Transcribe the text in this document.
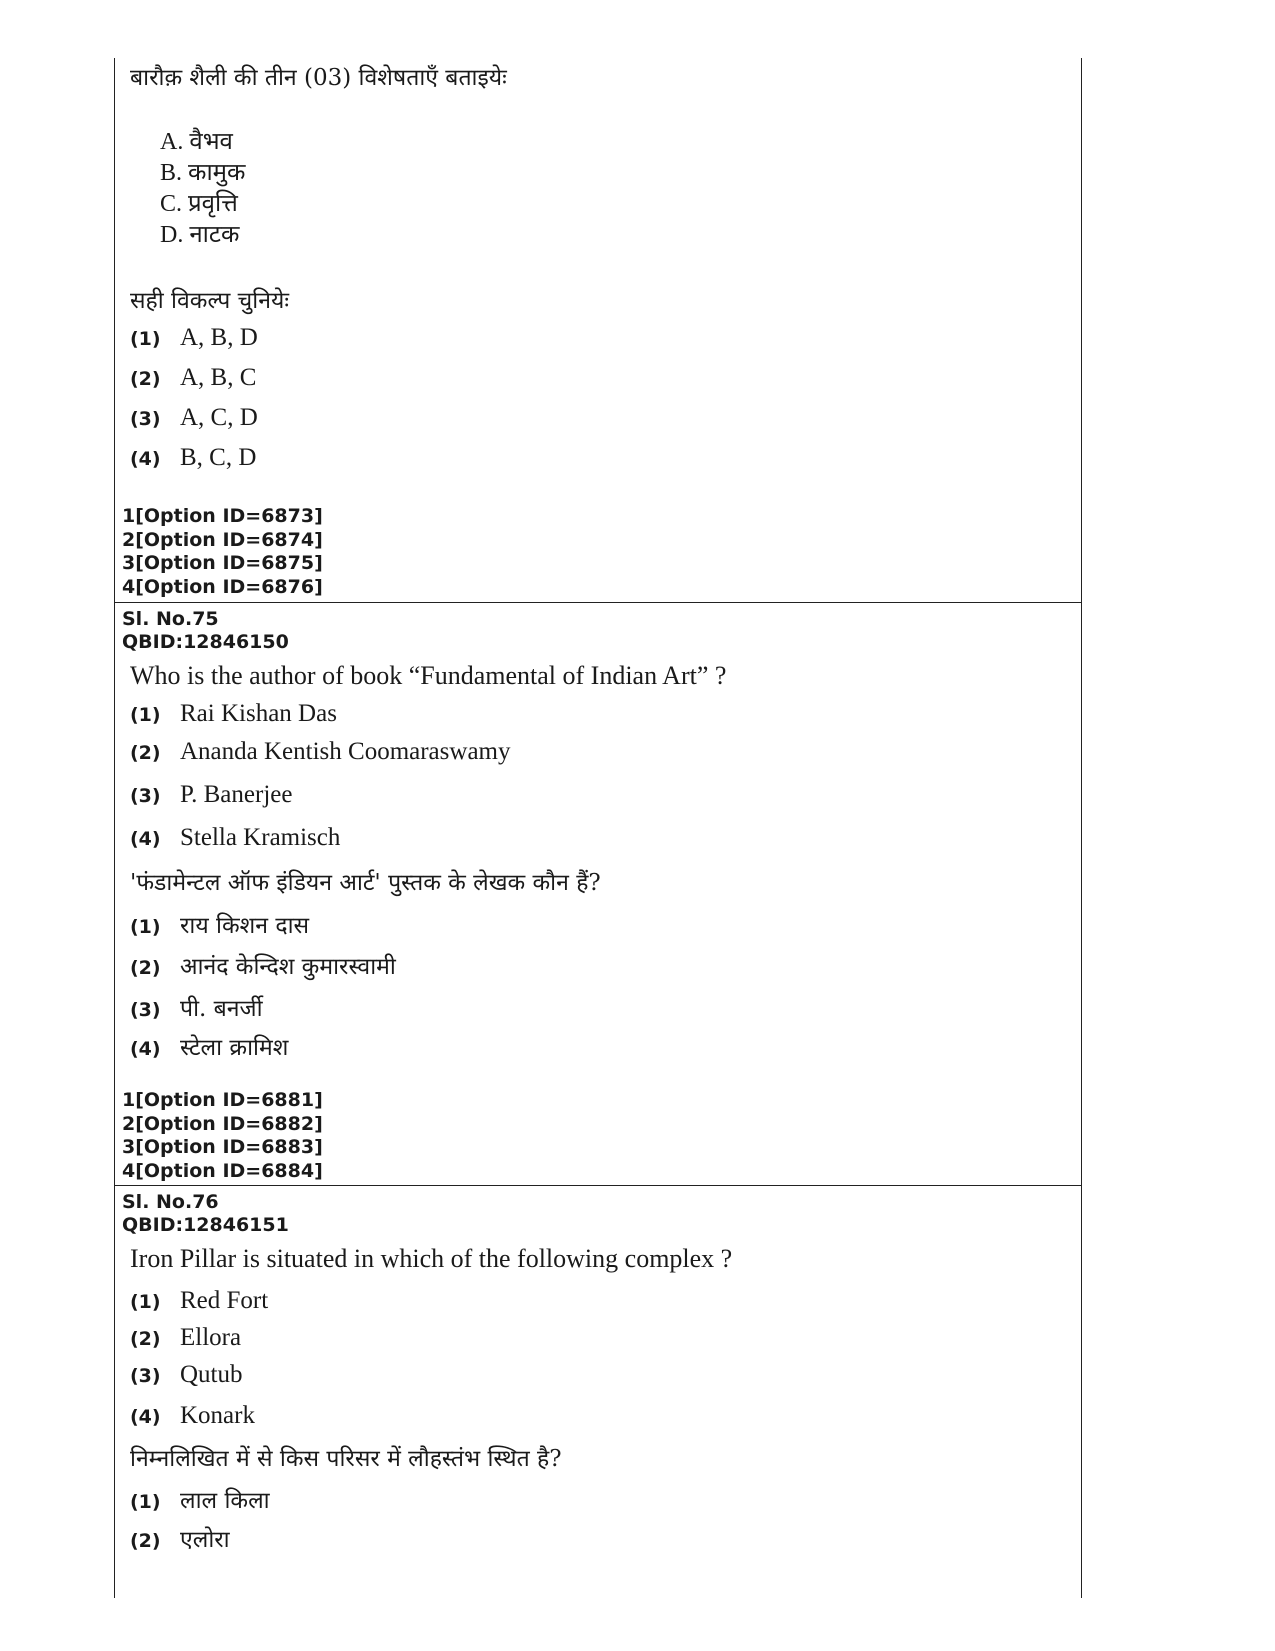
बारौक़ शैली की तीन (03) विशेषताएँ बताइयेः
A. वैभव
B. कामुक
C. प्रवृत्ति
D. नाटक
सही विकल्प चुनियेः
(1) A, B, D
(2) A, B, C
(3) A, C, D
(4) B, C, D
1[Option ID=6873]
2[Option ID=6874]
3[Option ID=6875]
4[Option ID=6876]
Sl. No.75
QBID:12846150
Who is the author of book “Fundamental of Indian Art” ?
(1) Rai Kishan Das
(2) Ananda Kentish Coomaraswamy
(3) P. Banerjee
(4) Stella Kramisch
'फंडामेन्टल ऑफ इंडियन आर्ट' पुस्तक के लेखक कौन हैं?
(1) राय किशन दास
(2) आनंद केन्दिश कुमारस्वामी
(3) पी. बनर्जी
(4) स्टेला क्रामिश
1[Option ID=6881]
2[Option ID=6882]
3[Option ID=6883]
4[Option ID=6884]
Sl. No.76
QBID:12846151
Iron Pillar is situated in which of the following complex ?
(1) Red Fort
(2) Ellora
(3) Qutub
(4) Konark
निम्नलिखित में से किस परिसर में लौहस्तंभ स्थित है?
(1) लाल किला
(2) एलोरा
